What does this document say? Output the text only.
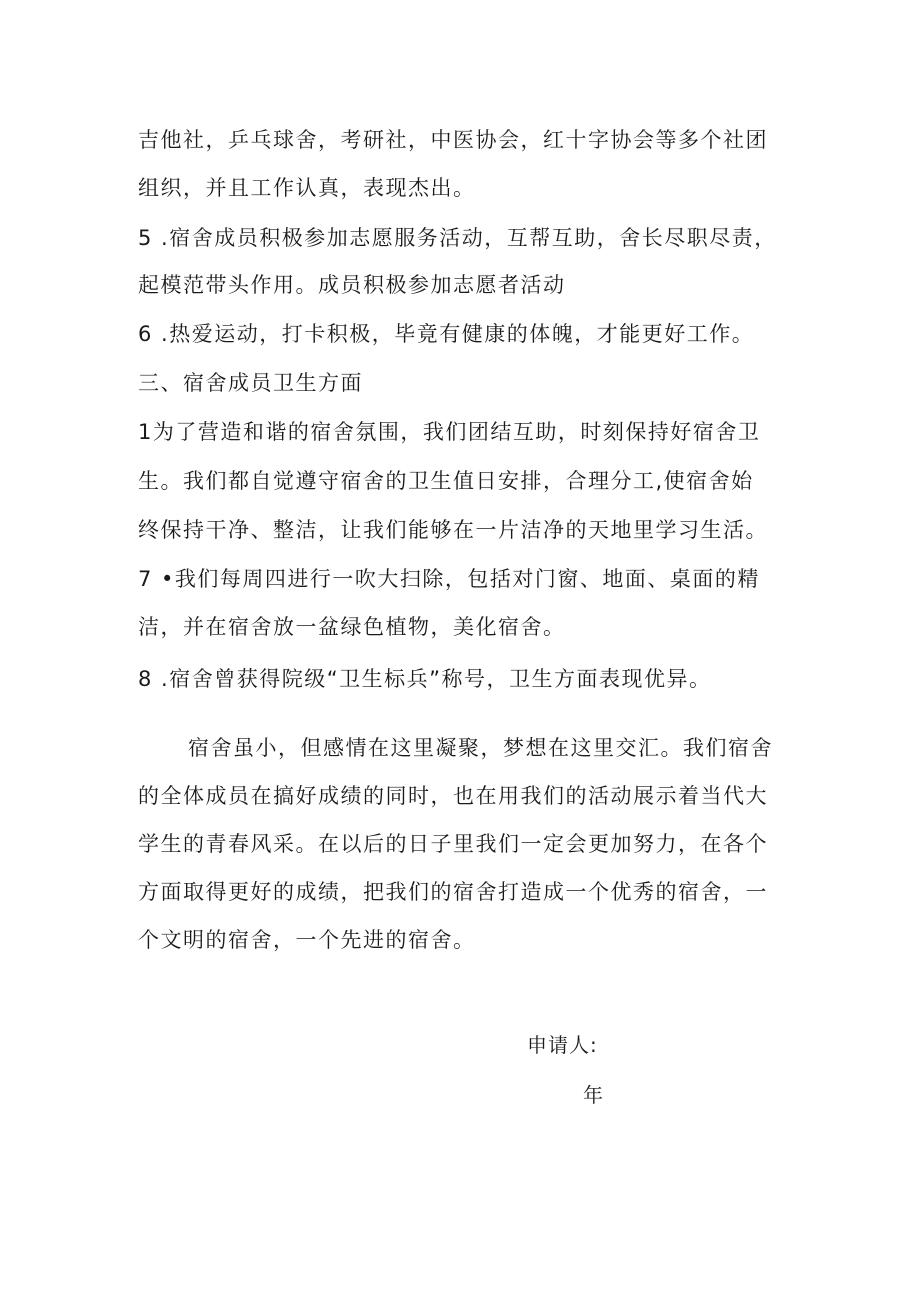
吉他社，乒乓球舍，考研社，中医协会，红十字协会等多个社团
组织，并且工作认真，表现杰出。
5 .宿舍成员积极参加志愿服务活动，互帮互助，舍长尽职尽责，
起模范带头作用。成员积极参加志愿者活动
6 .热爱运动，打卡积极，毕竟有健康的体魄，才能更好工作。
三、宿舍成员卫生方面
1为了营造和谐的宿舍氛围，我们团结互助，时刻保持好宿舍卫
生。我们都自觉遵守宿舍的卫生值日安排，合理分工,使宿舍始
终保持干净、整洁，让我们能够在一片洁净的天地里学习生活。
7 •我们每周四进行一吹大扫除，包括对门窗、地面、桌面的精
洁，并在宿舍放一盆绿色植物，美化宿舍。
8 .宿舍曾获得院级“卫生标兵”称号，卫生方面表现优异。
宿舍虽小，但感情在这里凝聚，梦想在这里交汇。我们宿舍
的全体成员在搞好成绩的同时，也在用我们的活动展示着当代大
学生的青春风采。在以后的日子里我们一定会更加努力，在各个
方面取得更好的成绩，把我们的宿舍打造成一个优秀的宿舍，一
个文明的宿舍，一个先进的宿舍。
申请人:
年
